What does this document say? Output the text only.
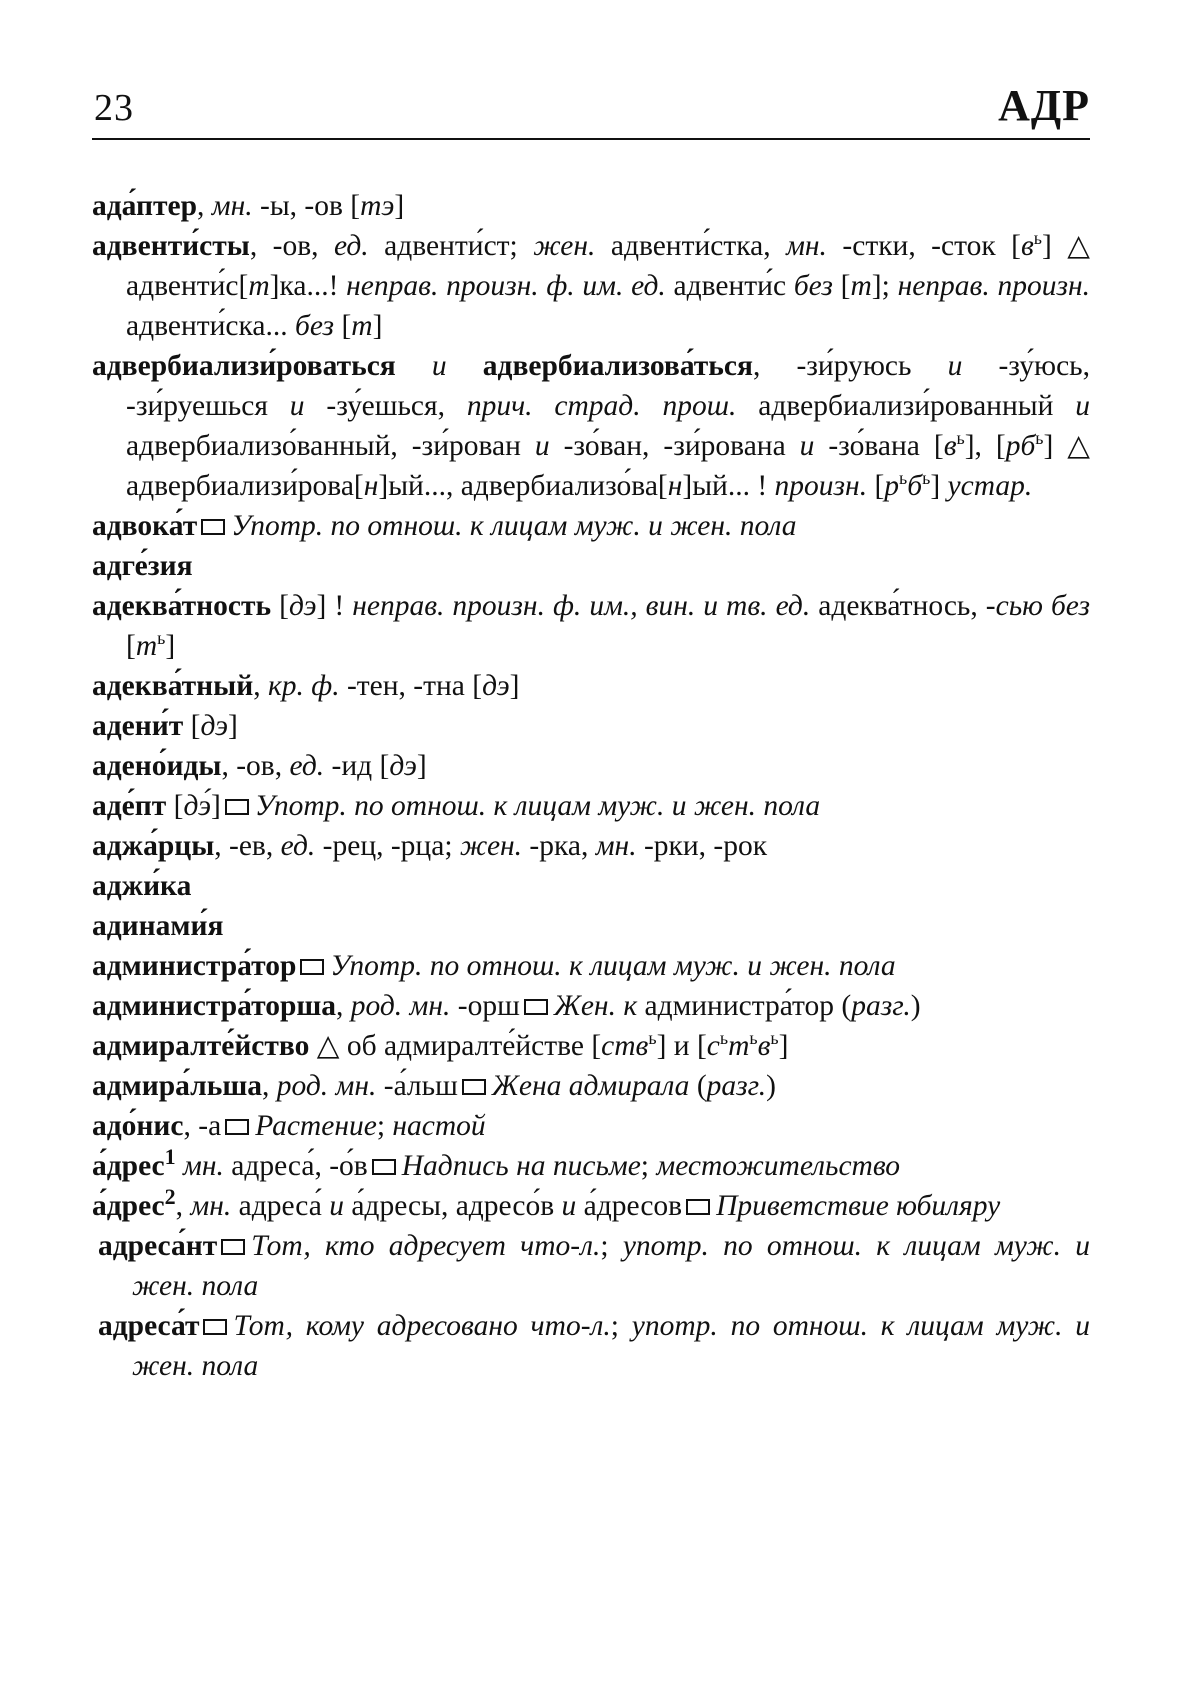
23	АДР
ада́птер, мн. -ы, -ов [тэ]
адвенти́сты, -ов, ед. адвенти́ст; жен. адвенти́стка, мн. -стки, -сток $[в^ь]$ △ адвенти́с[т]ка...! неправ. произн. ф. им. ед. адвенти́с без [т]; неправ. произн. адвенти́ска... без [т]
адвербиализи́роваться и адвербиализова́ться, -зи́руюсь и -зу́юсь, -зи́руешься и -зу́ешься, прич. страд. прош. адвербиализи́рованный и адвербиализо́ванный, -зи́рован и -зо́ван, -зи́рована и -зо́вана $[в^ь]$, $[рб^ь]$ △ адвербиализи́рова[н]ый..., адвербиализо́ва[н]ый... ! произн. $[р^ьб^ь]$ устар.
адвока́т Употр. по отнош. к лицам муж. и жен. пола
адге́зия
адеква́тность [дэ] ! неправ. произн. ф. им., вин. и тв. ед. адеква́тнось, -сью без $[т^ь]$
адеква́тный, кр. ф. -тен, -тна [дэ]
адени́т [дэ]
адено́иды, -ов, ед. -ид [дэ]
аде́пт [дэ́] Употр. по отнош. к лицам муж. и жен. пола
аджа́рцы, -ев, ед. -рец, -рца; жен. -рка, мн. -рки, -рок
аджи́ка
адинами́я
администра́тор Употр. по отнош. к лицам муж. и жен. пола
администра́торша, род. мн. -орш Жен. к администра́тор (разг.)
адмиралте́йство △ об адмиралте́йстве [ств$^ь$] и $[с^ьт^ьв^ь]$
адмира́льша, род. мн. -а́льш Жена адмирала (разг.)
адо́нис, -а Растение; настой
а́дрес$^1$ мн. адреса́, -о́в Надпись на письме; местожительство
а́дрес$^2$, мн. адреса́ и а́дресы, адресо́в и а́дресов Приветствие юбиляру
адреса́нт Тот, кто адресует что-л.; употр. по отнош. к лицам муж. и жен. пола
адреса́т Тот, кому адресовано что-л.; употр. по отнош. к лицам муж. и жен. пола
